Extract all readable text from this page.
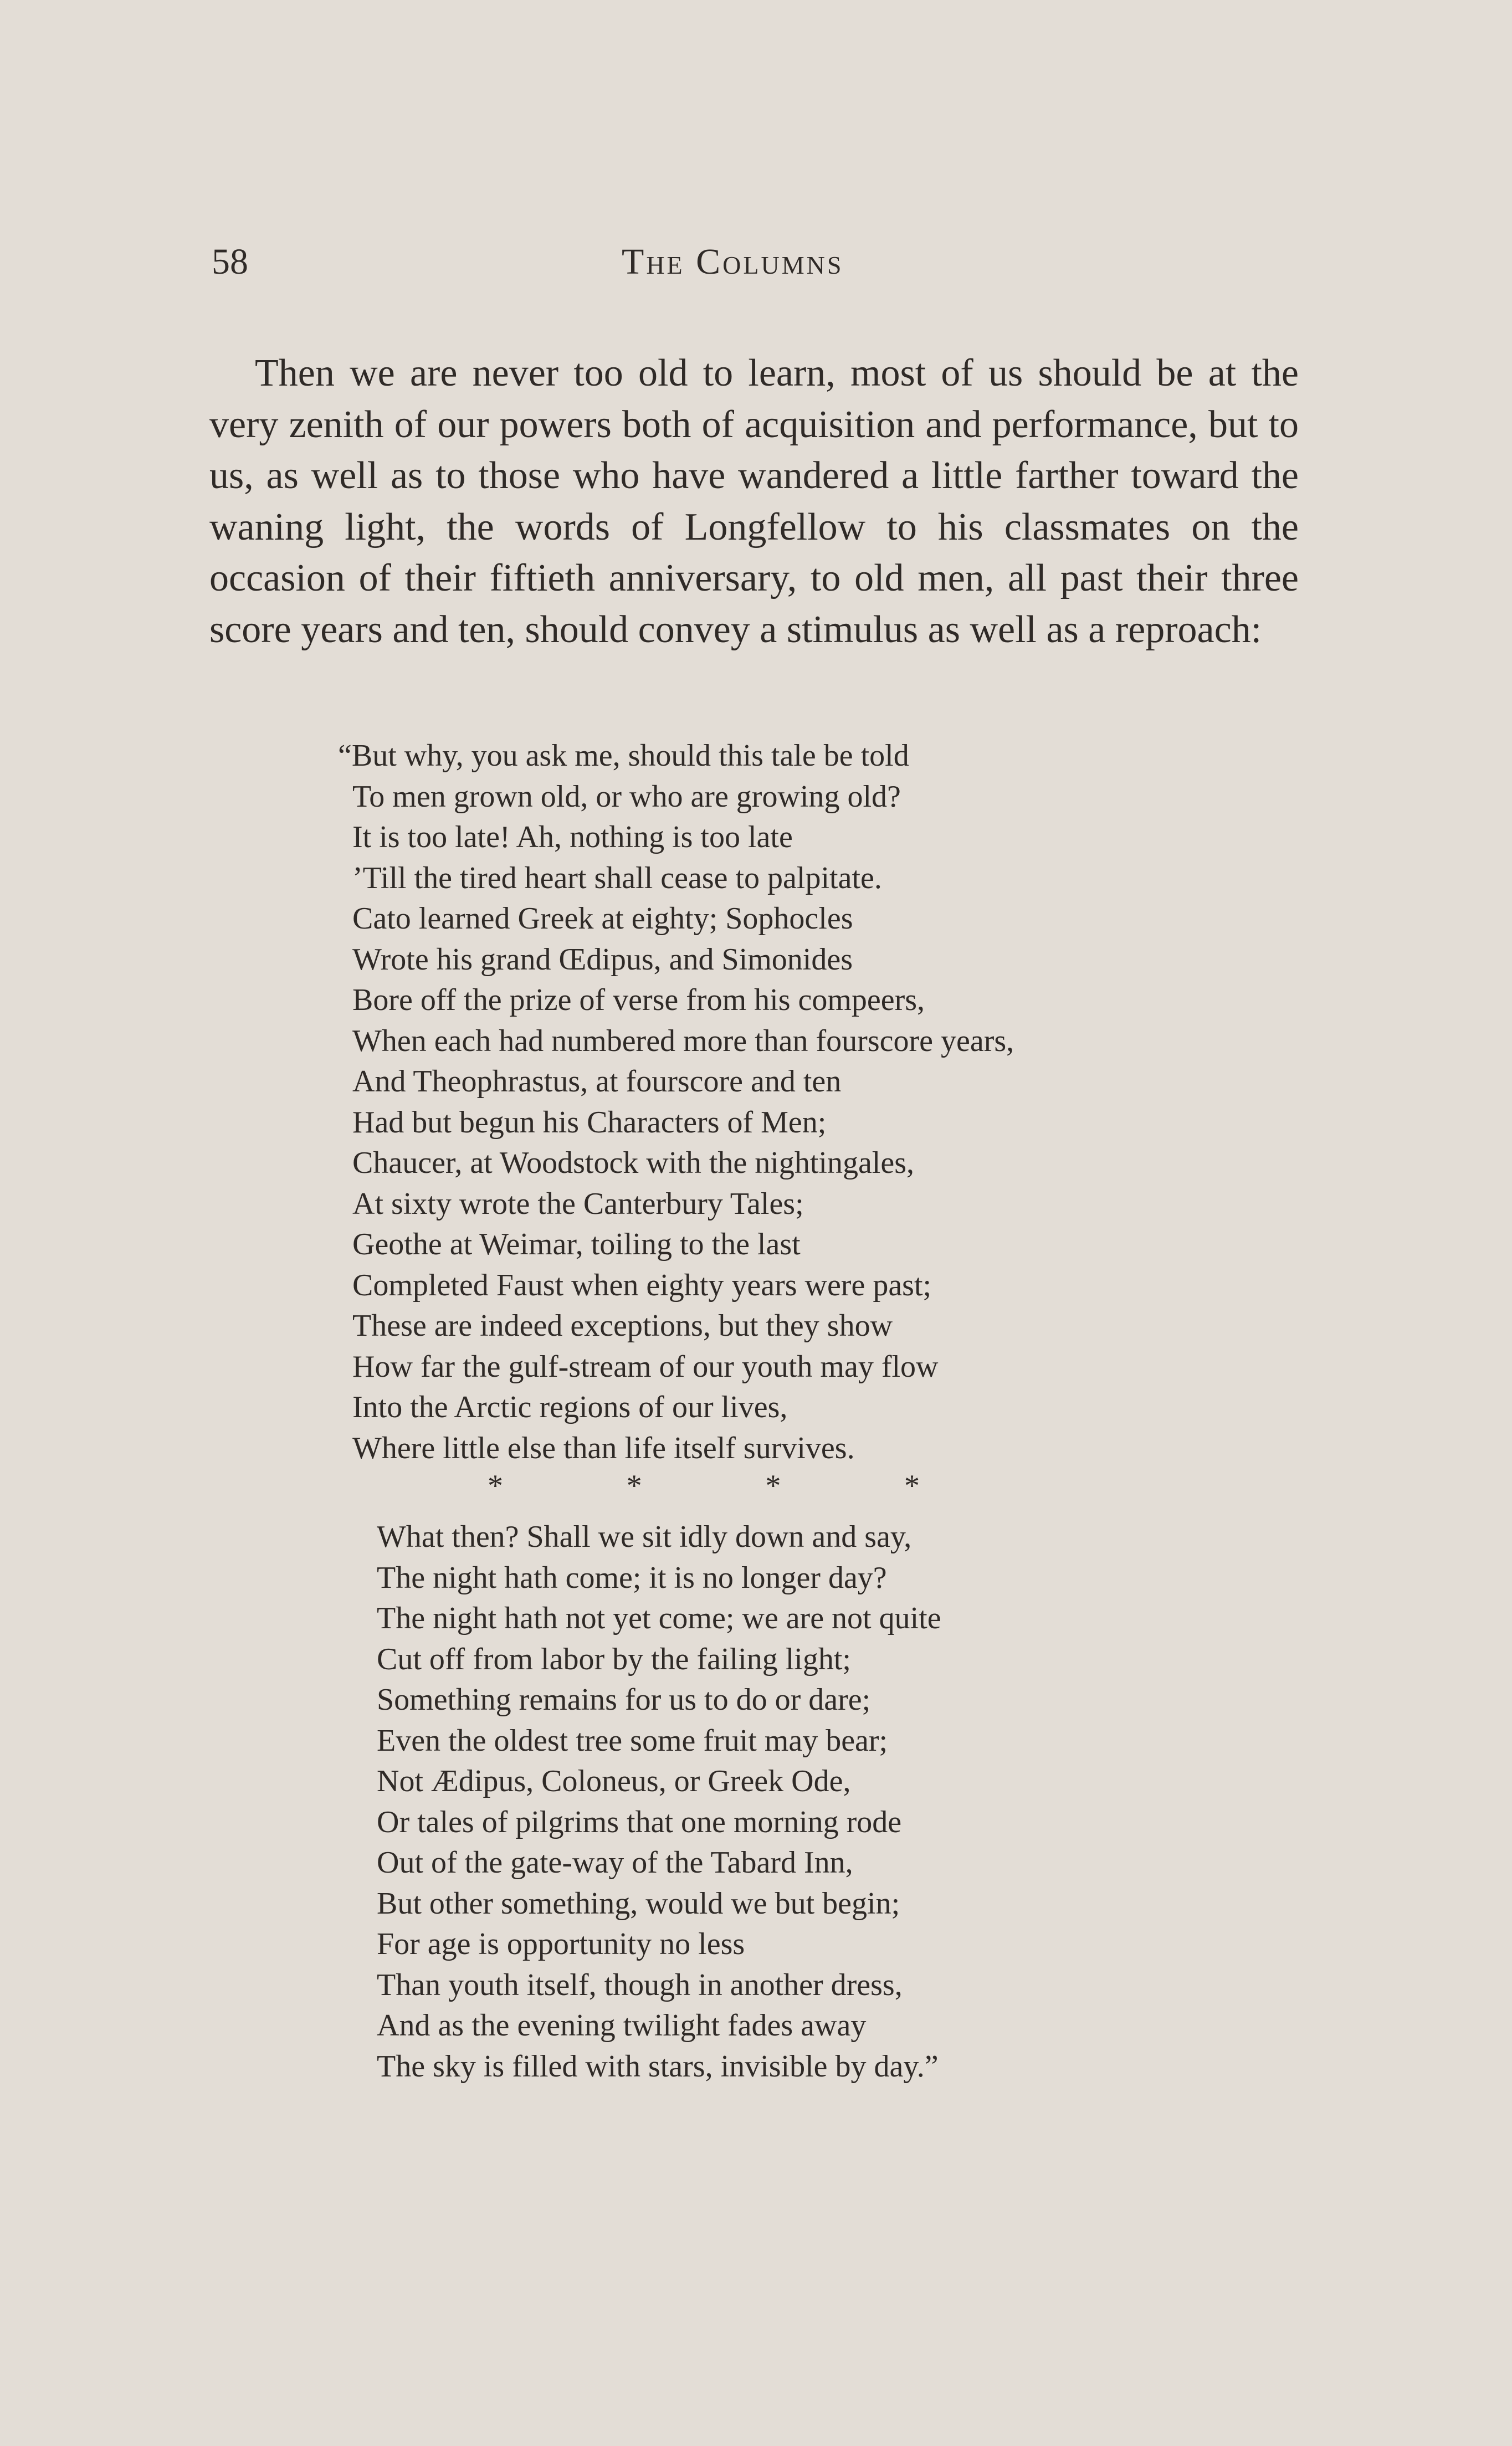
58	The Columns

Then we are never too old to learn, most of us should be at the very zenith of our powers both of acquisition and performance, but to us, as well as to those who have wandered a little farther toward the waning light, the words of Longfellow to his classmates on the occasion of their fiftieth anniversary, to old men, all past their three score years and ten, should convey a stimulus as well as a reproach:

“But why, you ask me, should this tale be told
To men grown old, or who are growing old?
It is too late! Ah, nothing is too late
’Till the tired heart shall cease to palpitate.
Cato learned Greek at eighty; Sophocles
Wrote his grand Œdipus, and Simonides
Bore off the prize of verse from his compeers,
When each had numbered more than fourscore years,
And Theophrastus, at fourscore and ten
Had but begun his Characters of Men;
Chaucer, at Woodstock with the nightingales,
At sixty wrote the Canterbury Tales;
Geothe at Weimar, toiling to the last
Completed Faust when eighty years were past;
These are indeed exceptions, but they show
How far the gulf-stream of our youth may flow
Into the Arctic regions of our lives,
Where little else than life itself survives.
*	*	*	*
What then? Shall we sit idly down and say,
The night hath come; it is no longer day?
The night hath not yet come; we are not quite
Cut off from labor by the failing light;
Something remains for us to do or dare;
Even the oldest tree some fruit may bear;
Not Ædipus, Coloneus, or Greek Ode,
Or tales of pilgrims that one morning rode
Out of the gate-way of the Tabard Inn,
But other something, would we but begin;
For age is opportunity no less
Than youth itself, though in another dress,
And as the evening twilight fades away
The sky is filled with stars, invisible by day.”
